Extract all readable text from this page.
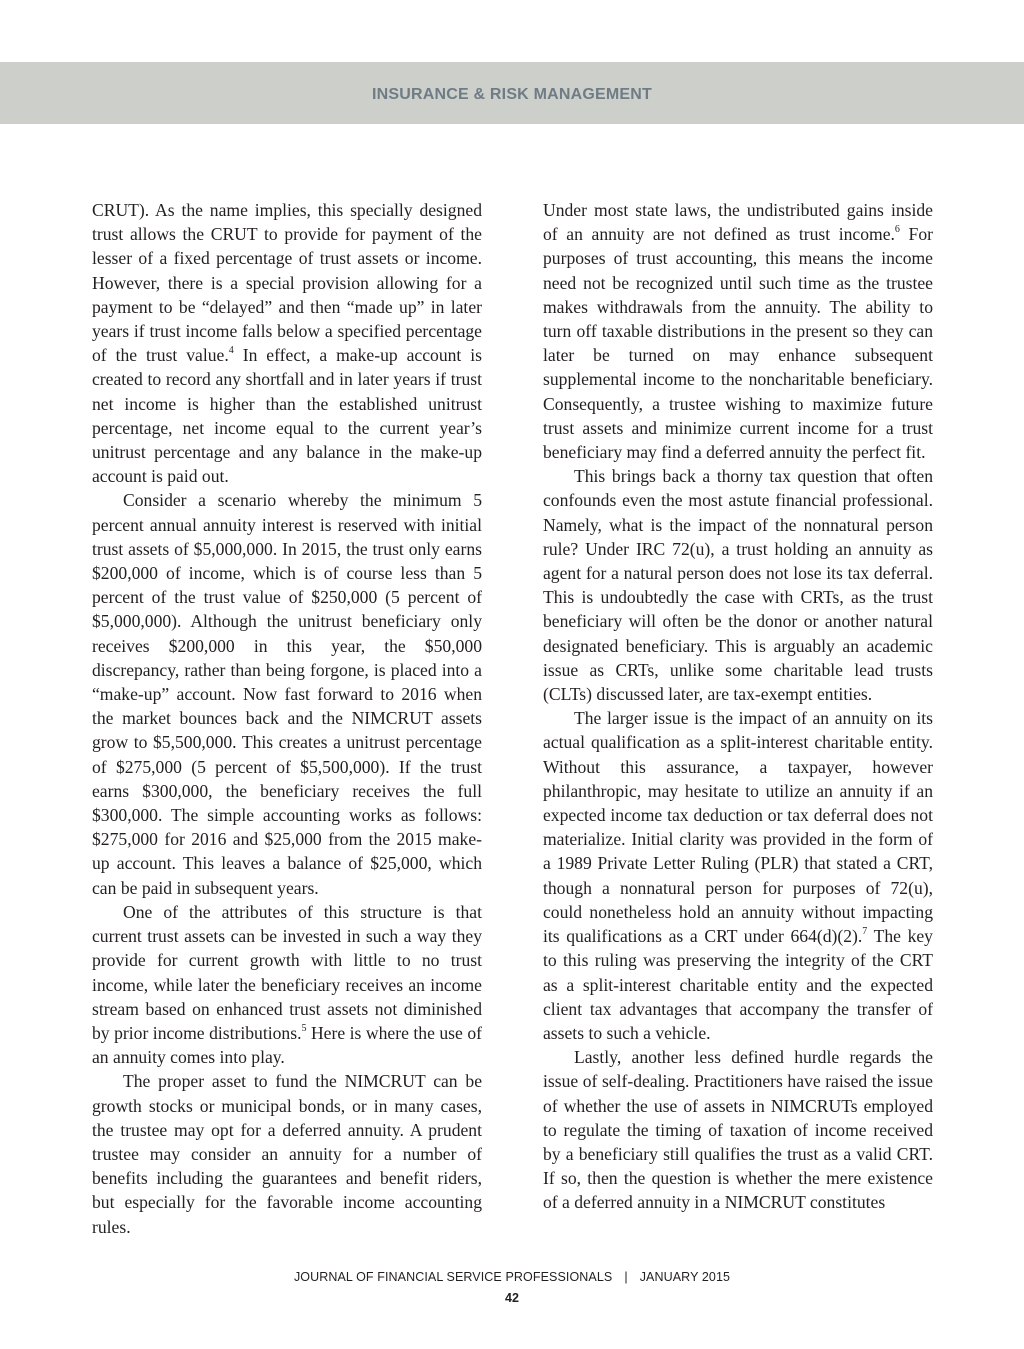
INSURANCE & RISK MANAGEMENT

CRUT). As the name implies, this specially designed trust allows the CRUT to provide for payment of the lesser of a fixed percentage of trust assets or income. However, there is a special provision allowing for a payment to be “delayed” and then “made up” in later years if trust income falls below a specified percentage of the trust value.$^4$ In effect, a make-up account is created to record any shortfall and in later years if trust net income is higher than the established unitrust percentage, net income equal to the current year’s unitrust percentage and any balance in the make-up account is paid out.

Consider a scenario whereby the minimum 5 percent annual annuity interest is reserved with initial trust assets of $5,000,000. In 2015, the trust only earns $200,000 of income, which is of course less than 5 percent of the trust value of $250,000 (5 percent of $5,000,000). Although the unitrust beneficiary only receives $200,000 in this year, the $50,000 discrepancy, rather than being forgone, is placed into a “make-up” account. Now fast forward to 2016 when the market bounces back and the NIMCRUT assets grow to $5,500,000. This creates a unitrust percentage of $275,000 (5 percent of $5,500,000). If the trust earns $300,000, the beneficiary receives the full $300,000. The simple accounting works as follows: $275,000 for 2016 and $25,000 from the 2015 make-up account. This leaves a balance of $25,000, which can be paid in subsequent years.

One of the attributes of this structure is that current trust assets can be invested in such a way they provide for current growth with little to no trust income, while later the beneficiary receives an income stream based on enhanced trust assets not diminished by prior income distributions.$^5$ Here is where the use of an annuity comes into play.

The proper asset to fund the NIMCRUT can be growth stocks or municipal bonds, or in many cases, the trustee may opt for a deferred annuity. A prudent trustee may consider an annuity for a number of benefits including the guarantees and benefit riders, but especially for the favorable income accounting rules.

Under most state laws, the undistributed gains inside of an annuity are not defined as trust income.$^6$ For purposes of trust accounting, this means the income need not be recognized until such time as the trustee makes withdrawals from the annuity. The ability to turn off taxable distributions in the present so they can later be turned on may enhance subsequent supplemental income to the noncharitable beneficiary. Consequently, a trustee wishing to maximize future trust assets and minimize current income for a trust beneficiary may find a deferred annuity the perfect fit.

This brings back a thorny tax question that often confounds even the most astute financial professional. Namely, what is the impact of the nonnatural person rule? Under IRC 72(u), a trust holding an annuity as agent for a natural person does not lose its tax deferral. This is undoubtedly the case with CRTs, as the trust beneficiary will often be the donor or another natural designated beneficiary. This is arguably an academic issue as CRTs, unlike some charitable lead trusts (CLTs) discussed later, are tax-exempt entities.

The larger issue is the impact of an annuity on its actual qualification as a split-interest charitable entity. Without this assurance, a taxpayer, however philanthropic, may hesitate to utilize an annuity if an expected income tax deduction or tax deferral does not materialize. Initial clarity was provided in the form of a 1989 Private Letter Ruling (PLR) that stated a CRT, though a nonnatural person for purposes of 72(u), could nonetheless hold an annuity without impacting its qualifications as a CRT under 664(d)(2).$^7$ The key to this ruling was preserving the integrity of the CRT as a split-interest charitable entity and the expected client tax advantages that accompany the transfer of assets to such a vehicle.

Lastly, another less defined hurdle regards the issue of self-dealing. Practitioners have raised the issue of whether the use of assets in NIMCRUTs employed to regulate the timing of taxation of income received by a beneficiary still qualifies the trust as a valid CRT. If so, then the question is whether the mere existence of a deferred annuity in a NIMCRUT constitutes

JOURNAL OF FINANCIAL SERVICE PROFESSIONALS | JANUARY 2015
42
